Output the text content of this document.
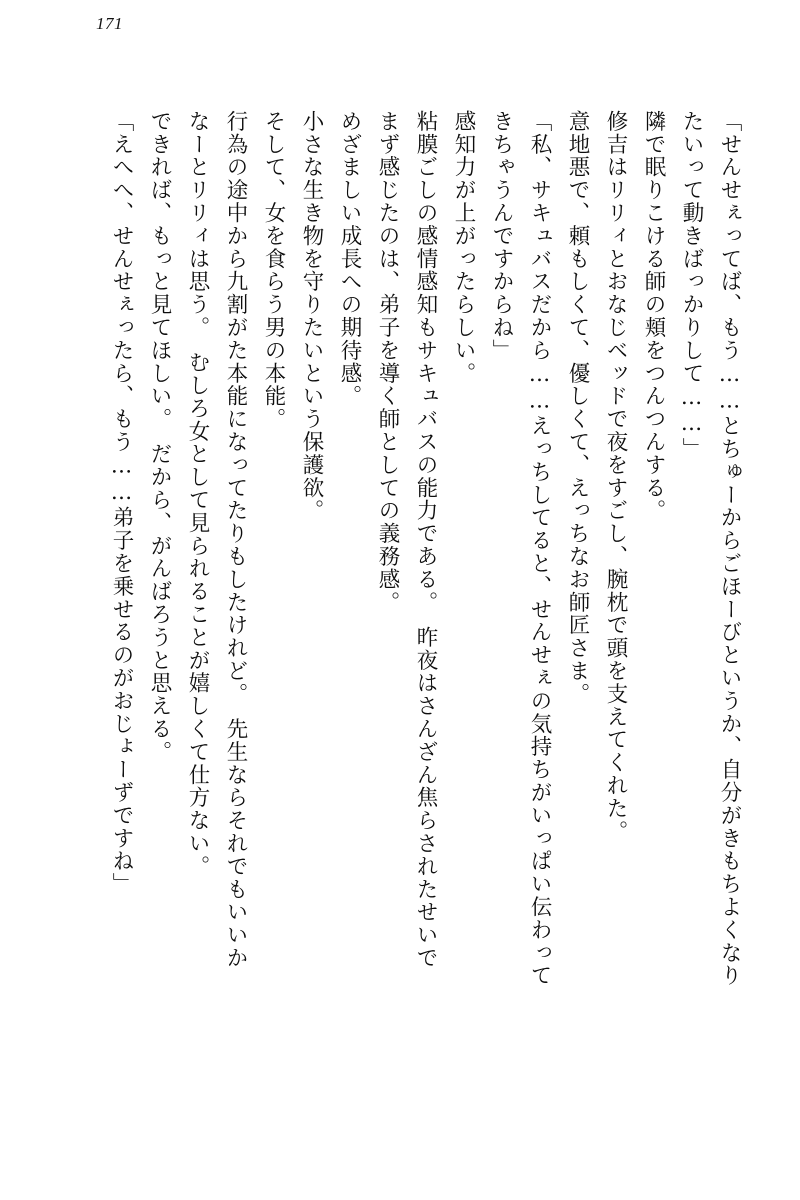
171
「せんせぇってば、もう……とちゅーからごほーびというか、自分がきもちよくなり
たいって動きばっかりして……」
隣で眠りこける師の頬をつんつんする。
修吉はリリィとおなじベッドで夜をすごし、腕枕で頭を支えてくれた。
意地悪で、頼もしくて、優しくて、えっちなお師匠さま。
「私、サキュバスだから……えっちしてると、せんせぇの気持ちがいっぱい伝わって
きちゃうんですからね」
感知力が上がったらしい。
粘膜ごしの感情感知もサキュバスの能力である。　昨夜はさんざん焦らされたせいで
まず感じたのは、弟子を導く師としての義務感。
めざましい成長への期待感。
小さな生き物を守りたいという保護欲。
そして、女を食らう男の本能。
行為の途中から九割がた本能になってたりもしたけれど。　先生ならそれでもいいか
なーとリリィは思う。　むしろ女として見られることが嬉しくて仕方ない。
できれば、もっと見てほしい。　だから、がんばろうと思える。
「えへへ、せんせぇったら、もう……弟子を乗せるのがおじょーずですね」
